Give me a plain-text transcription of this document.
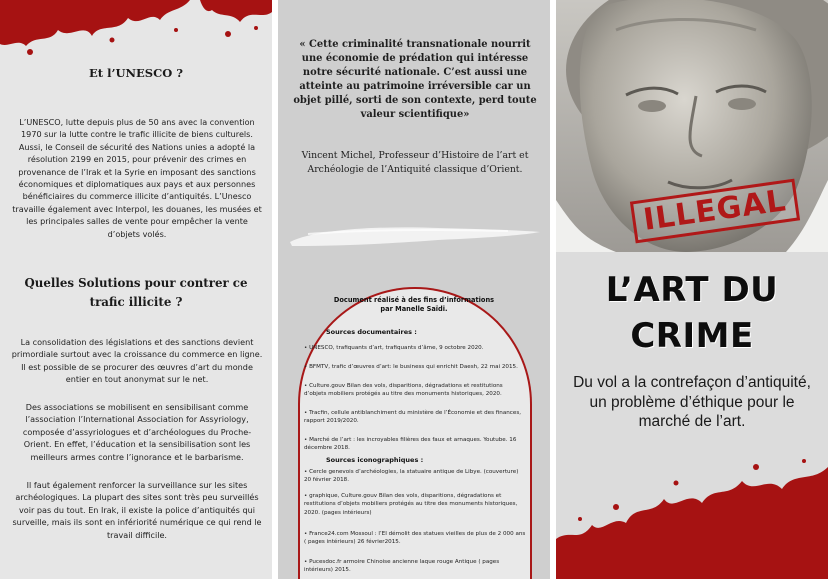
Et l’UNESCO ?
L’UNESCO, lutte depuis plus de 50 ans avec la convention 1970 sur la lutte contre le trafic illicite de biens culturels. Aussi, le Conseil de sécurité des Nations unies a adopté la résolution 2199 en 2015, pour prévenir des crimes en provenance de l’Irak et la Syrie en imposant des sanctions économiques et diplomatiques aux pays et aux personnes bénéficiaires du commerce illicite d’antiquités. L’Unesco travaille également avec Interpol, les douanes, les musées et les principales salles de vente pour empêcher la vente d’objets volés.
Quelles Solutions pour contrer ce trafic illicite ?
La consolidation des législations et des sanctions devient primordiale surtout avec la croissance du commerce en ligne. Il est possible de se procurer des œuvres d’art du monde entier en tout anonymat sur le net.
Des associations se mobilisent en sensibilisant comme l’association l’International Association for Assyriology, composée d’assyriologues et d’archéologues du Proche-Orient. En effet, l’éducation et la sensibilisation sont les meilleurs armes contre l’ignorance et le barbarisme.
Il faut également renforcer la surveillance sur les sites archéologiques. La plupart des sites sont très peu surveillés voir pas du tout. En Irak, il existe la police d’antiquités qui surveille, mais ils sont en infériorité numérique ce qui rend le travail difficile.
« Cette criminalité transnationale nourrit une économie de prédation qui intéresse notre sécurité nationale. C’est aussi une atteinte au patrimoine irréversible car un objet pillé, sorti de son contexte, perd toute valeur scientifique»
Vincent Michel, Professeur d’Histoire de l’art et Archéologie de l’Antiquité classique d’Orient.
Document réalisé à des fins d’informations par Manelle Saïdi.
Sources documentaires :
• UNESCO, trafiquants d’art, trafiquants d’âme, 9 octobre 2020.
• BFMTV, trafic d’œuvres d’art: le business qui enrichit Daesh, 22 mai 2015.
• Culture.gouv Bilan des vols, disparitions, dégradations et restitutions d’objets mobiliers protégés au titre des monuments historiques, 2020.
• Tracfin, cellule antiblanchiment du ministère de l’Économie et des finances, rapport 2019/2020.
• Marché de l’art : les incroyables filières des faux et arnaques. Youtube. 16 décembre 2018.
Sources iconographiques :
• Cercle genevois d’archéologies, la statuaire antique de Libye. (couverture) 20 février 2018.
• graphique, Culture.gouv Bilan des vols, disparitions, dégradations et restitutions d’objets mobiliers protégés au titre des monuments historiques, 2020. (pages intérieurs)
• France24.com Mossoul : l’EI démolit des statues vieilles de plus de 2 000 ans ( pages intérieurs) 26 février2015.
• Pucesdoc.fr armoire Chinoise ancienne laque rouge Antique ( pages intérieurs) 2015.
ILLEGAL
L’ART DU
CRIME
Du vol a la contrefaçon d’antiquité, un problème d’éthique pour le marché de l’art.
